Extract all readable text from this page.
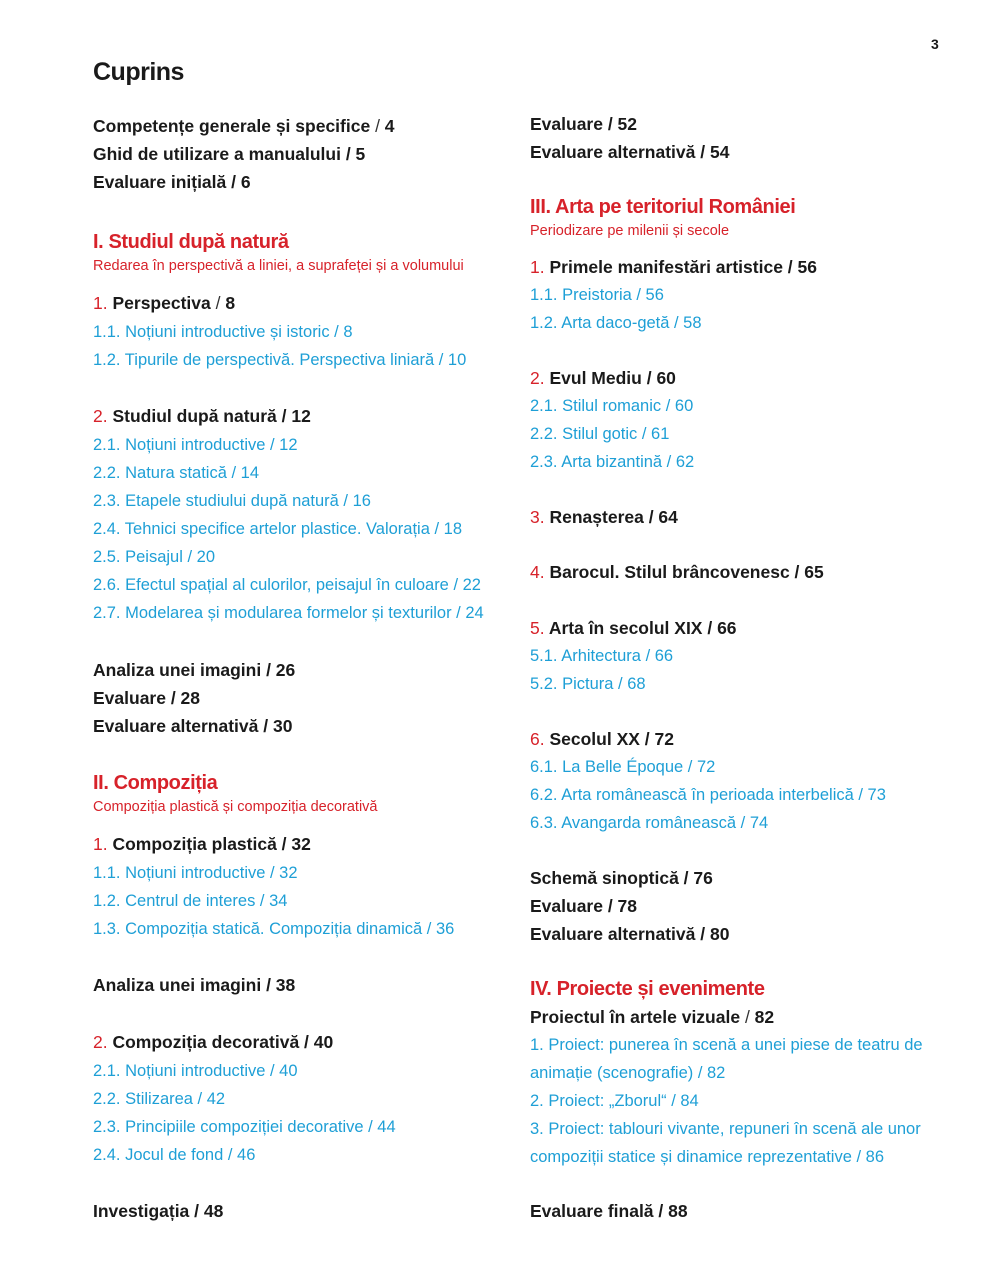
3
Cuprins
Competențe generale și specifice / 4
Ghid de utilizare a manualului / 5
Evaluare inițială / 6
I. Studiul după natură
Redarea în perspectivă a liniei, a suprafeței și a volumului
1. Perspectiva / 8
1.1. Noțiuni introductive și istoric / 8
1.2. Tipurile de perspectivă. Perspectiva liniară / 10
2. Studiul după natură / 12
2.1. Noțiuni introductive / 12
2.2. Natura statică / 14
2.3. Etapele studiului după natură / 16
2.4. Tehnici specifice artelor plastice. Valorația / 18
2.5. Peisajul / 20
2.6. Efectul spațial al culorilor, peisajul în culoare / 22
2.7. Modelarea și modularea formelor și texturilor / 24
Analiza unei imagini / 26
Evaluare / 28
Evaluare alternativă / 30
II. Compoziția
Compoziția plastică și compoziția decorativă
1. Compoziția plastică / 32
1.1. Noțiuni introductive / 32
1.2. Centrul de interes / 34
1.3. Compoziția statică. Compoziția dinamică / 36
Analiza unei imagini / 38
2. Compoziția decorativă / 40
2.1. Noțiuni introductive / 40
2.2. Stilizarea / 42
2.3. Principiile compoziției decorative / 44
2.4. Jocul de fond / 46
Investigația / 48
Evaluare / 52
Evaluare alternativă / 54
III. Arta pe teritoriul României
Periodizare pe milenii și secole
1. Primele manifestări artistice / 56
1.1. Preistoria / 56
1.2. Arta daco-getă / 58
2. Evul Mediu / 60
2.1. Stilul romanic / 60
2.2. Stilul gotic / 61
2.3. Arta bizantină / 62
3. Renașterea / 64
4. Barocul. Stilul brâncovenesc / 65
5. Arta în secolul XIX / 66
5.1. Arhitectura / 66
5.2. Pictura / 68
6. Secolul XX / 72
6.1. La Belle Époque / 72
6.2. Arta românească în perioada interbelică / 73
6.3. Avangarda românească / 74
Schemă sinoptică / 76
Evaluare / 78
Evaluare alternativă / 80
IV. Proiecte și evenimente
Proiectul în artele vizuale / 82
1. Proiect: punerea în scenă a unei piese de teatru de
animație (scenografie) / 82
2. Proiect: „Zborul“ / 84
3. Proiect: tablouri vivante, repuneri în scenă ale unor
compoziții statice și dinamice reprezentative / 86
Evaluare finală / 88
